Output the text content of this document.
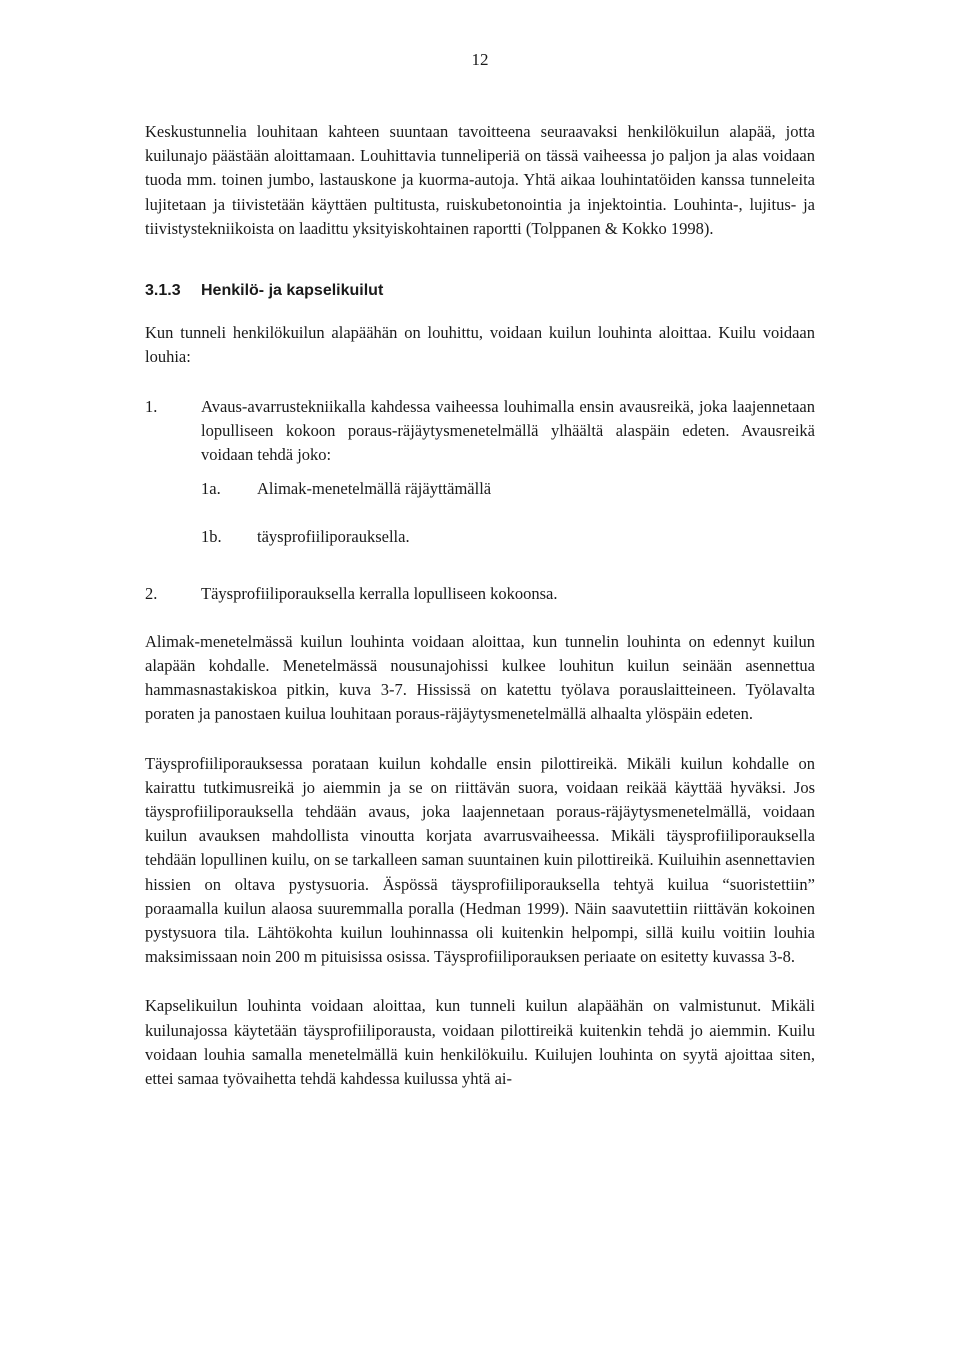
12

Keskustunnelia louhitaan kahteen suuntaan tavoitteena seuraavaksi henkilökuilun alapää, jotta kuilunajo päästään aloittamaan. Louhittavia tunneliperiä on tässä vaiheessa jo paljon ja alas voidaan tuoda mm. toinen jumbo, lastauskone ja kuorma-autoja. Yhtä aikaa louhintatöiden kanssa tunneleita lujitetaan ja tiivistetään käyttäen pultitusta, ruiskubetonointia ja injektointia. Louhinta-, lujitus- ja tiivistystekniikoista on laadittu yksityiskohtainen raportti (Tolppanen & Kokko 1998).

3.1.3	Henkilö- ja kapselikuilut

Kun tunneli henkilökuilun alapäähän on louhittu, voidaan kuilun louhinta aloittaa. Kuilu voidaan louhia:

1.	Avaus-avarrustekniikalla kahdessa vaiheessa louhimalla ensin avausreikä, joka laajennetaan lopulliseen kokoon poraus-räjäytysmenetelmällä ylhäältä alaspäin edeten. Avausreikä voidaan tehdä joko:
1a.	Alimak-menetelmällä räjäyttämällä
1b.	täysprofiiliporauksella.
2.	Täysprofiiliporauksella kerralla lopulliseen kokoonsa.

Alimak-menetelmässä kuilun louhinta voidaan aloittaa, kun tunnelin louhinta on edennyt kuilun alapään kohdalle. Menetelmässä nousunajohissi kulkee louhitun kuilun seinään asennettua hammasnastakiskoa pitkin, kuva 3-7. Hississä on katettu työlava porauslaitteineen. Työlavalta poraten ja panostaen kuilua louhitaan poraus-räjäytysmenetelmällä alhaalta ylöspäin edeten.

Täysprofiiliporauksessa porataan kuilun kohdalle ensin pilottireikä. Mikäli kuilun kohdalle on kairattu tutkimusreikä jo aiemmin ja se on riittävän suora, voidaan reikää käyttää hyväksi. Jos täysprofiiliporauksella tehdään avaus, joka laajennetaan poraus-räjäytysmenetelmällä, voidaan kuilun avauksen mahdollista vinoutta korjata avarrusvaiheessa. Mikäli täysprofiiliporauksella tehdään lopullinen kuilu, on se tarkalleen saman suuntainen kuin pilottireikä. Kuiluihin asennettavien hissien on oltava pystysuoria. Äspössä täysprofiiliporauksella tehtyä kuilua “suoristettiin” poraamalla kuilun alaosa suuremmalla poralla (Hedman 1999). Näin saavutettiin riittävän kokoinen pystysuora tila. Lähtökohta kuilun louhinnassa oli kuitenkin helpompi, sillä kuilu voitiin louhia maksimissaan noin 200 m pituisissa osissa. Täysprofiiliporauksen periaate on esitetty kuvassa 3-8.

Kapselikuilun louhinta voidaan aloittaa, kun tunneli kuilun alapäähän on valmistunut. Mikäli kuilunajossa käytetään täysprofiiliporausta, voidaan pilottireikä kuitenkin tehdä jo aiemmin. Kuilu voidaan louhia samalla menetelmällä kuin henkilökuilu. Kuilujen louhinta on syytä ajoittaa siten, ettei samaa työvaihetta tehdä kahdessa kuilussa yhtä ai-
